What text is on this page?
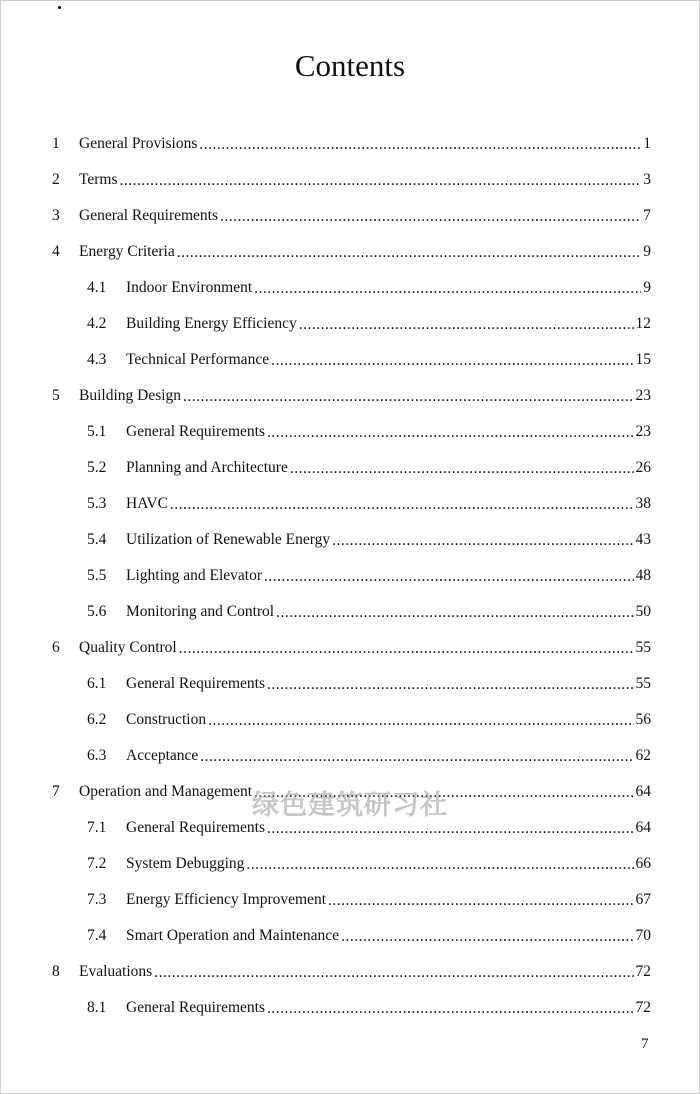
Contents
1	General Provisions .....	1
2	Terms .....	3
3	General Requirements .....	7
4	Energy Criteria .....	9
4.1	Indoor Environment .....	9
4.2	Building Energy Efficiency .....	12
4.3	Technical Performance .....	15
5	Building Design .....	23
5.1	General Requirements .....	23
5.2	Planning and Architecture .....	26
5.3	HAVC .....	38
5.4	Utilization of Renewable Energy .....	43
5.5	Lighting and Elevator .....	48
5.6	Monitoring and Control .....	50
6	Quality Control .....	55
6.1	General Requirements .....	55
6.2	Construction .....	56
6.3	Acceptance .....	62
7	Operation and Management .....	64
7.1	General Requirements .....	64
7.2	System Debugging .....	66
7.3	Energy Efficiency Improvement .....	67
7.4	Smart Operation and Maintenance .....	70
8	Evaluations .....	72
8.1	General Requirements .....	72
绿色建筑研习社
7
